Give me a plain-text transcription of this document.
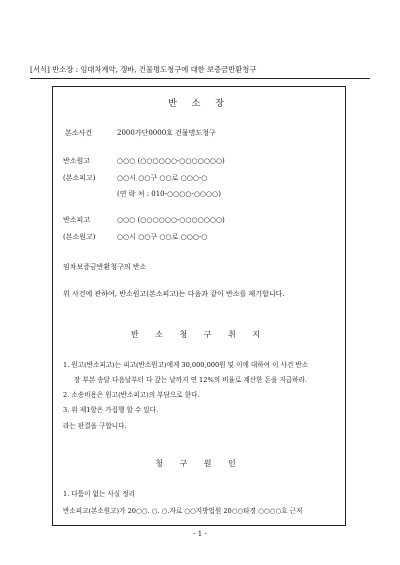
[서식] 반소장 : 임대차계약, 갱바, 건물명도청구에 대한 보증금반환청구
반 소 장
본소사건	2000가단0000호 건물명도청구
반소원고
(본소피고)
○○○ (○○○○○○-○○○○○○○)
○○시 ○○구 ○○로 ○○○-○
(연 락 처 : 010-○○○○-○○○○)
반소피고
(본소원고)
○○○ (○○○○○○-○○○○○○○)
○○시 ○○구 ○○로 ○○○-○
임차보증금반환청구의 반소
위 사건에 관하여, 반소원고(본소피고)는 다음과 같이 반소를 제기합니다.
반 소 청 구 취 지
1. 원고(반소피고)는 피고(반소원고)에게 30,000,000원 및 이에 대하여 이 사건 반소
장 부본 송달 다음날부터 다 갚는 날까지 연 12%의 비율로 계산한 돈을 지급하라.
2. 소송비용은 원고(반소피고)의 부담으로 한다.
3. 위 제1항은 가집행 할 수 있다.
라는 판결을 구합니다.
청 구 원 인
1. 다툼이 없는 사실 정리
반소피고(본소원고)가 20○○. ○. ○.자로 ○○지방법원 20○○타경 ○○○○호 근저
- 1 -
